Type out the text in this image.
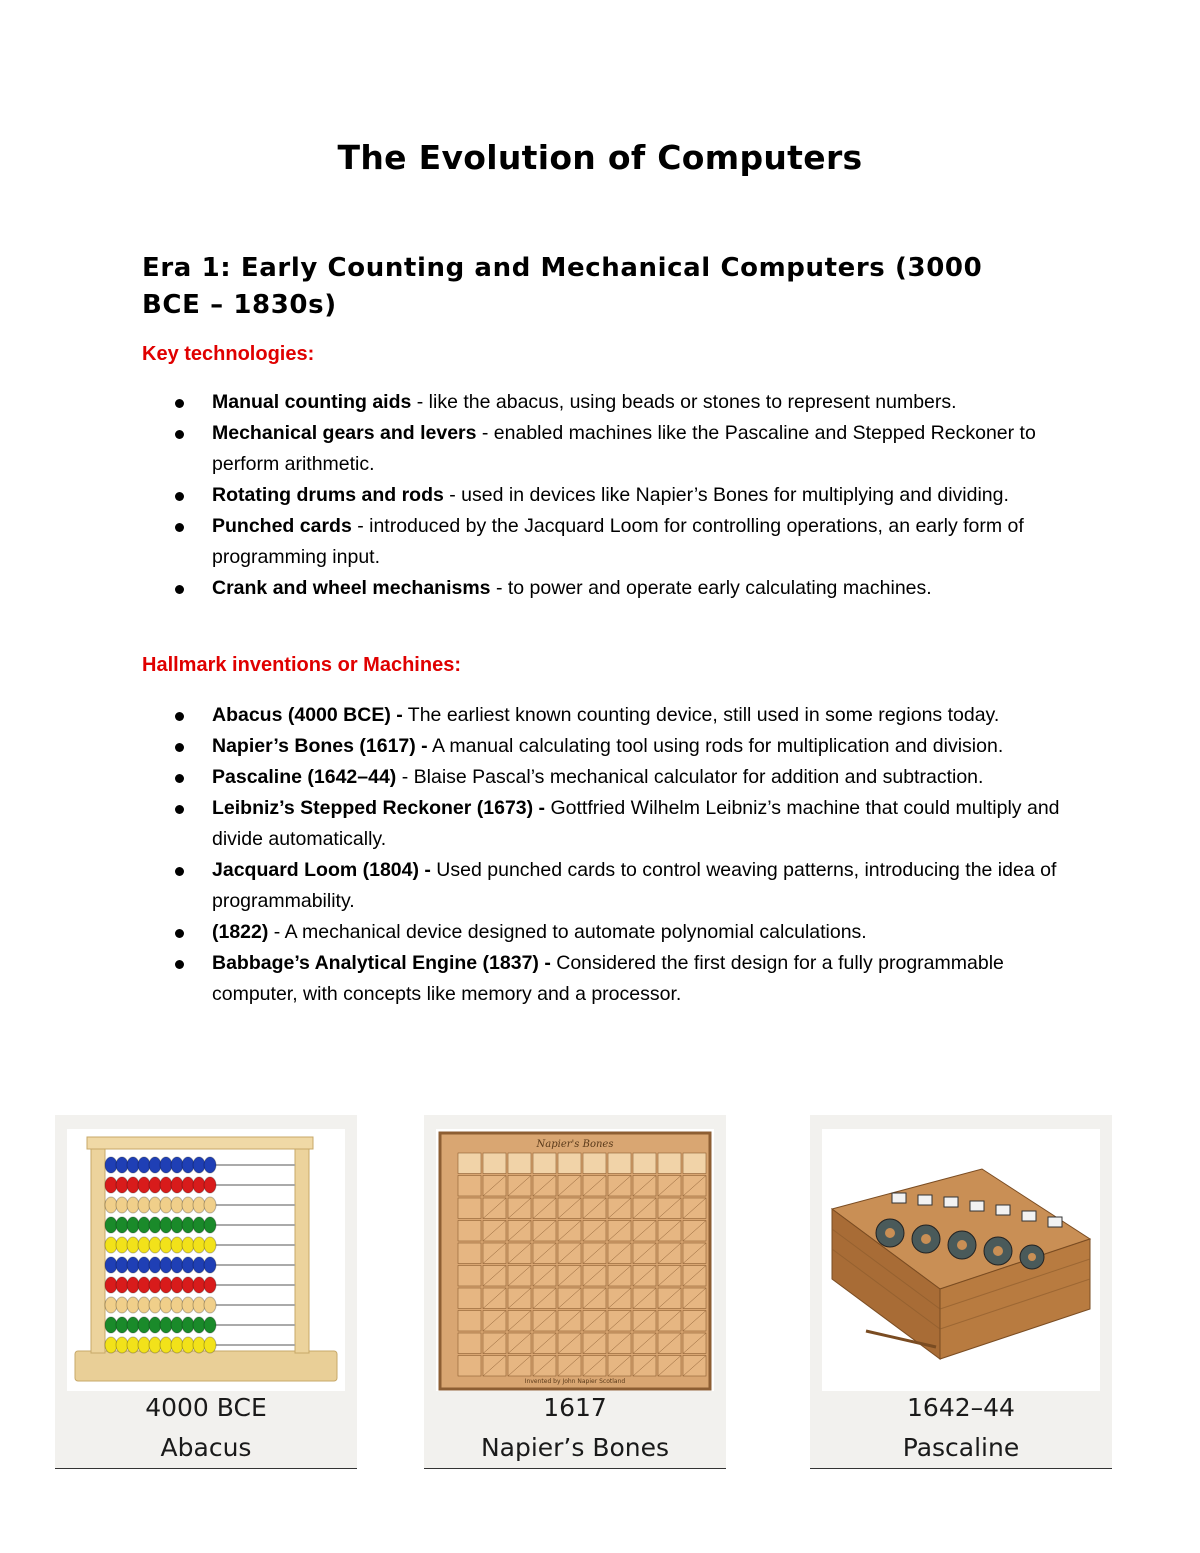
The Evolution of Computers
Era 1: Early Counting and Mechanical Computers (3000 BCE – 1830s)
Key technologies:
Manual counting aids - like the abacus, using beads or stones to represent numbers.
Mechanical gears and levers - enabled machines like the Pascaline and Stepped Reckoner to perform arithmetic.
Rotating drums and rods - used in devices like Napier’s Bones for multiplying and dividing.
Punched cards - introduced by the Jacquard Loom for controlling operations, an early form of programming input.
Crank and wheel mechanisms - to power and operate early calculating machines.
Hallmark inventions or Machines:
Abacus (4000 BCE) - The earliest known counting device, still used in some regions today.
Napier’s Bones (1617) - A manual calculating tool using rods for multiplication and division.
Pascaline (1642–44) - Blaise Pascal’s mechanical calculator for addition and subtraction.
Leibniz’s Stepped Reckoner (1673) - Gottfried Wilhelm Leibniz’s machine that could multiply and divide automatically.
Jacquard Loom (1804) - Used punched cards to control weaving patterns, introducing the idea of programmability.
(1822) - A mechanical device designed to automate polynomial calculations.
Babbage’s Analytical Engine (1837) - Considered the first design for a fully programmable computer, with concepts like memory and a processor.
4000 BCE
Abacus
Napier's Bones
Invented by John Napier Scotland
1617
Napier’s Bones
1642–44
Pascaline
